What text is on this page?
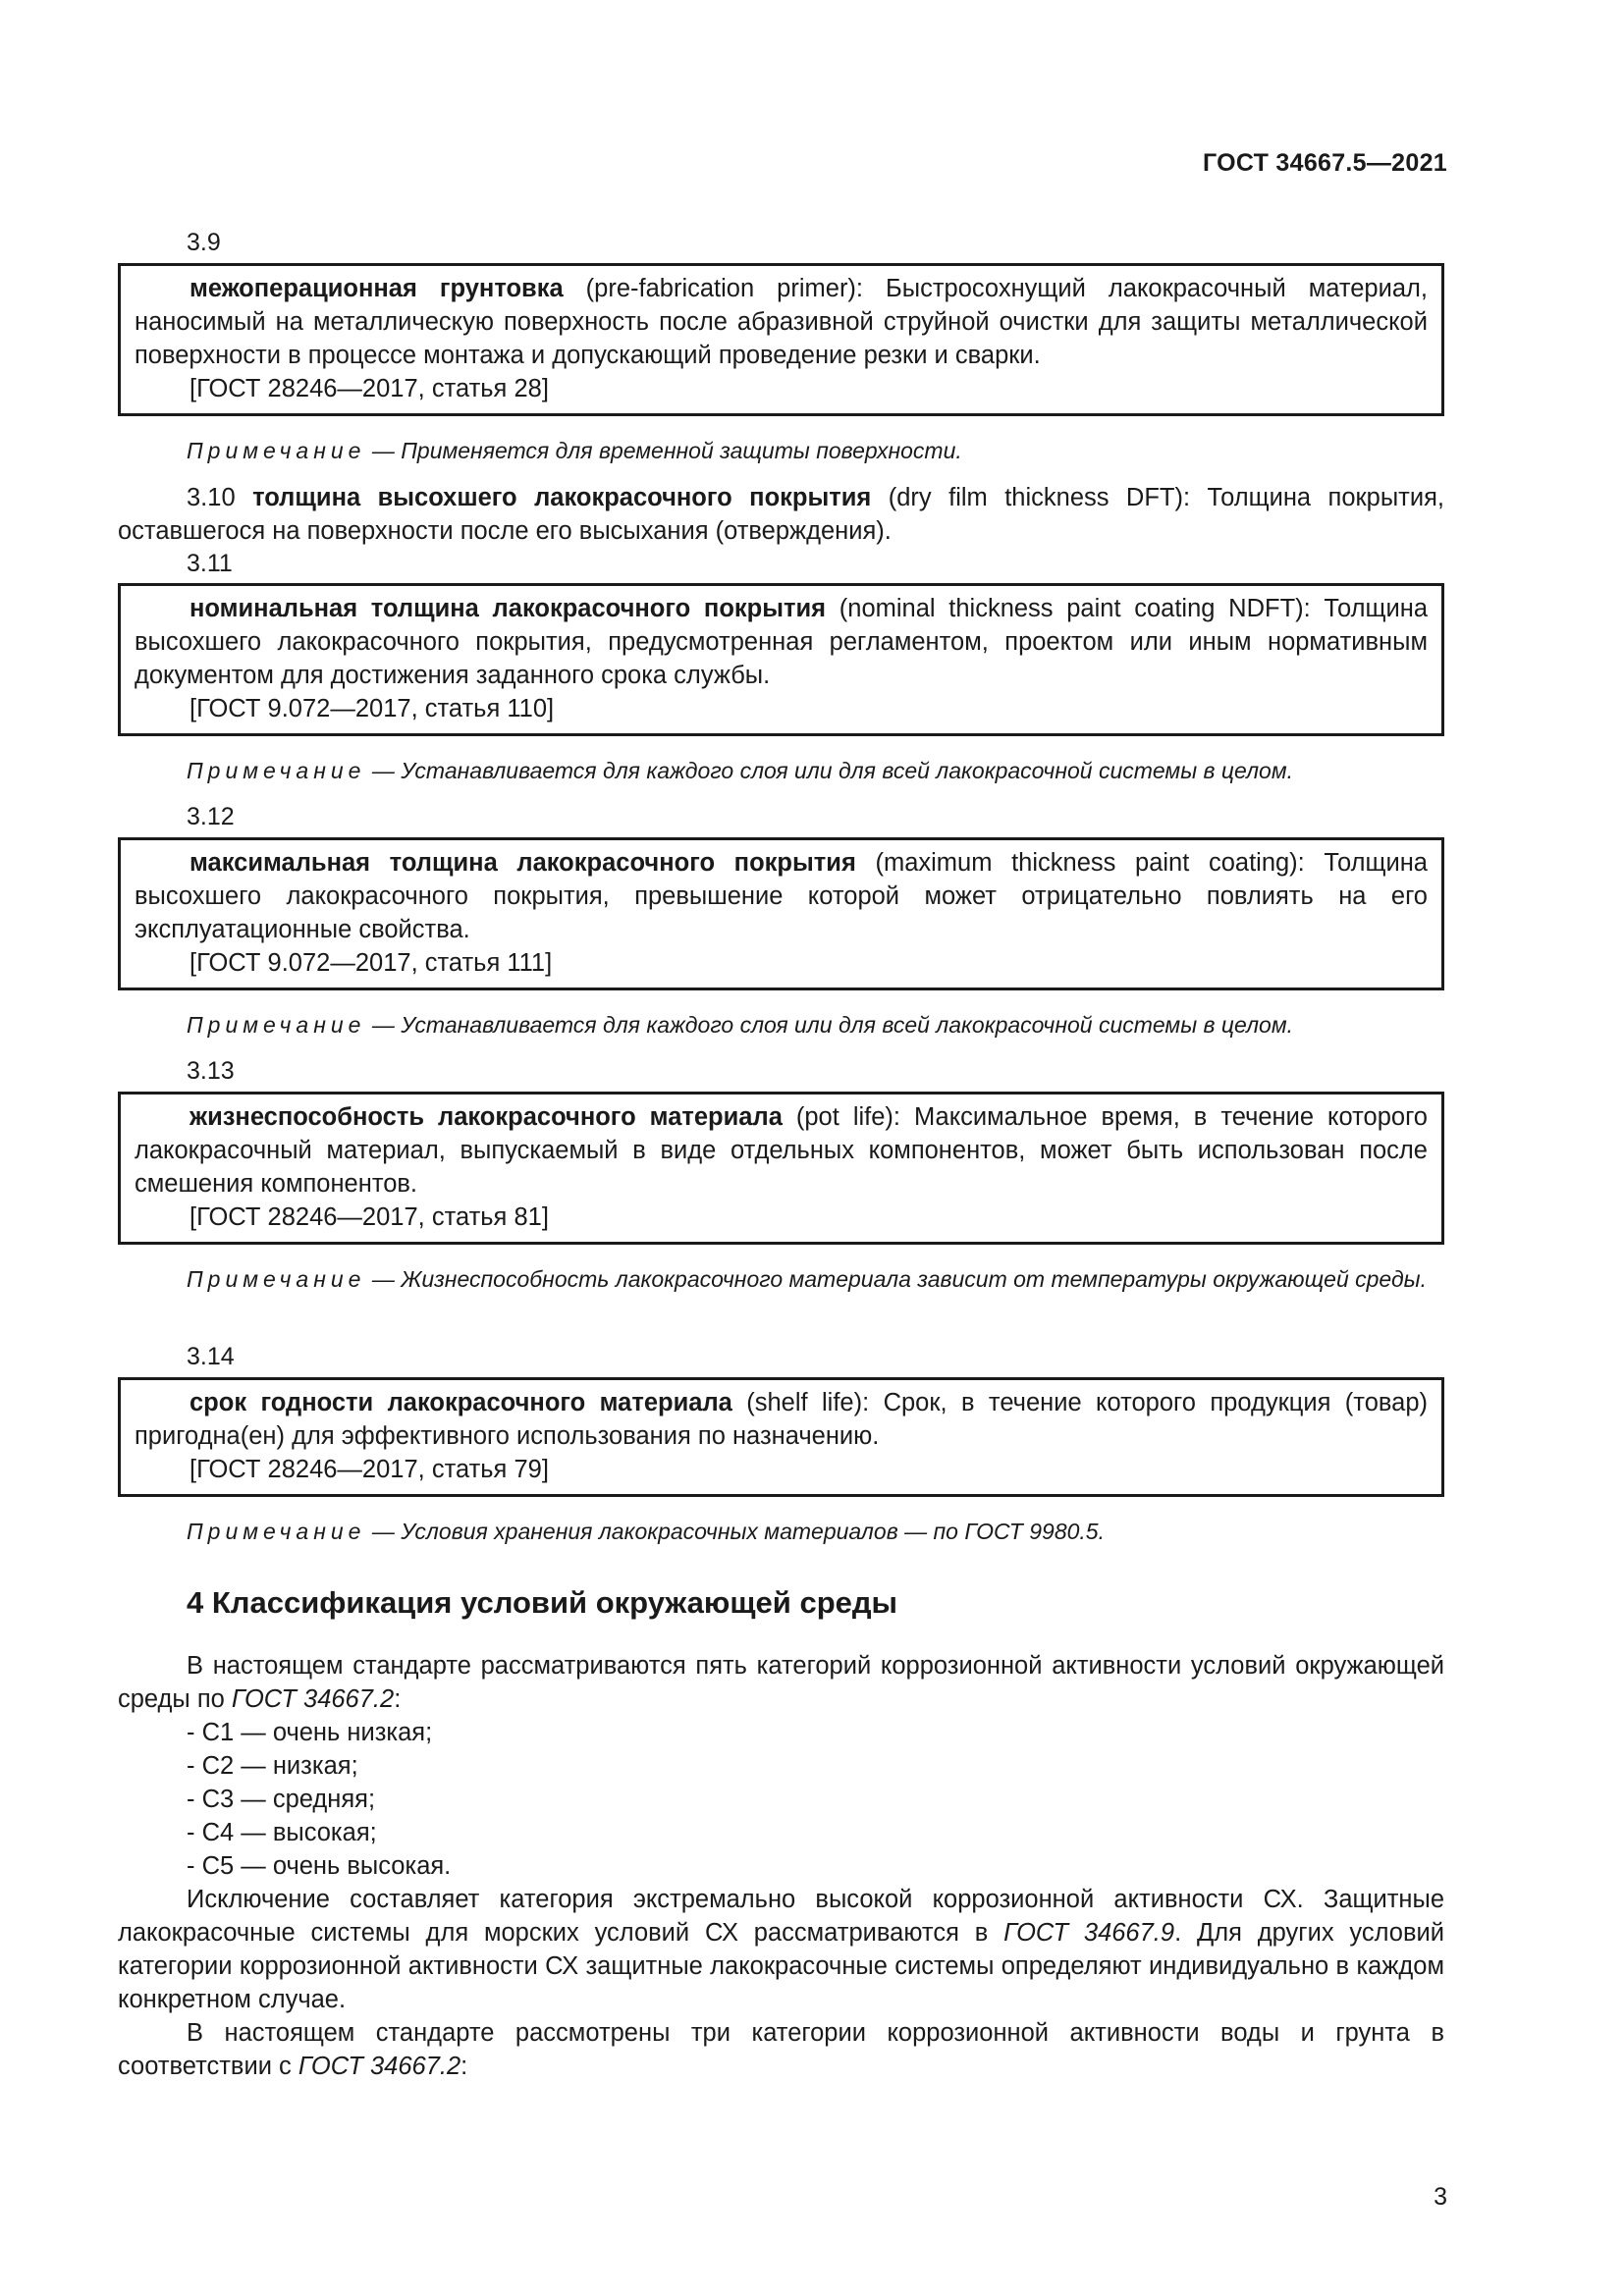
ГОСТ 34667.5—2021
3.9

межоперационная грунтовка (pre-fabrication primer): Быстросохнущий лакокрасочный материал, наносимый на металлическую поверхность после абразивной струйной очистки для защиты металлической поверхности в процессе монтажа и допускающий проведение резки и сварки.

[ГОСТ 28246—2017, статья 28]

Примечание — Применяется для временной защиты поверхности.

3.10 толщина высохшего лакокрасочного покрытия (dry film thickness DFT): Толщина покрытия, оставшегося на поверхности после его высыхания (отверждения).

3.11

номинальная толщина лакокрасочного покрытия (nominal thickness paint coating NDFT): Толщина высохшего лакокрасочного покрытия, предусмотренная регламентом, проектом или иным нормативным документом для достижения заданного срока службы.

[ГОСТ 9.072—2017, статья 110]

Примечание — Устанавливается для каждого слоя или для всей лакокрасочной системы в целом.
3.12

максимальная толщина лакокрасочного покрытия (maximum thickness paint coating): Толщина высохшего лакокрасочного покрытия, превышение которой может отрицательно повлиять на его эксплуатационные свойства.

[ГОСТ 9.072—2017, статья 111]

Примечание — Устанавливается для каждого слоя или для всей лакокрасочной системы в целом.
3.13

жизнеспособность лакокрасочного материала (pot life): Максимальное время, в течение которого лакокрасочный материал, выпускаемый в виде отдельных компонентов, может быть использован после смешения компонентов.

[ГОСТ 28246—2017, статья 81]

Примечание — Жизнеспособность лакокрасочного материала зависит от температуры окружающей среды.
3.14

срок годности лакокрасочного материала (shelf life): Срок, в течение которого продукция (товар) пригодна(ен) для эффективного использования по назначению.

[ГОСТ 28246—2017, статья 79]

Примечание — Условия хранения лакокрасочных материалов — по ГОСТ 9980.5.
4 Классификация условий окружающей среды

В настоящем стандарте рассматриваются пять категорий коррозионной активности условий окружающей среды по ГОСТ 34667.2:

- С1 — очень низкая;

- С2 — низкая;

- С3 — средняя;

- С4 — высокая;

- С5 — очень высокая.

Исключение составляет категория экстремально высокой коррозионной активности СХ. Защитные лакокрасочные системы для морских условий СХ рассматриваются в ГОСТ 34667.9. Для других условий категории коррозионной активности СХ защитные лакокрасочные системы определяют индивидуально в каждом конкретном случае.

В настоящем стандарте рассмотрены три категории коррозионной активности воды и грунта в соответствии с ГОСТ 34667.2:

3
